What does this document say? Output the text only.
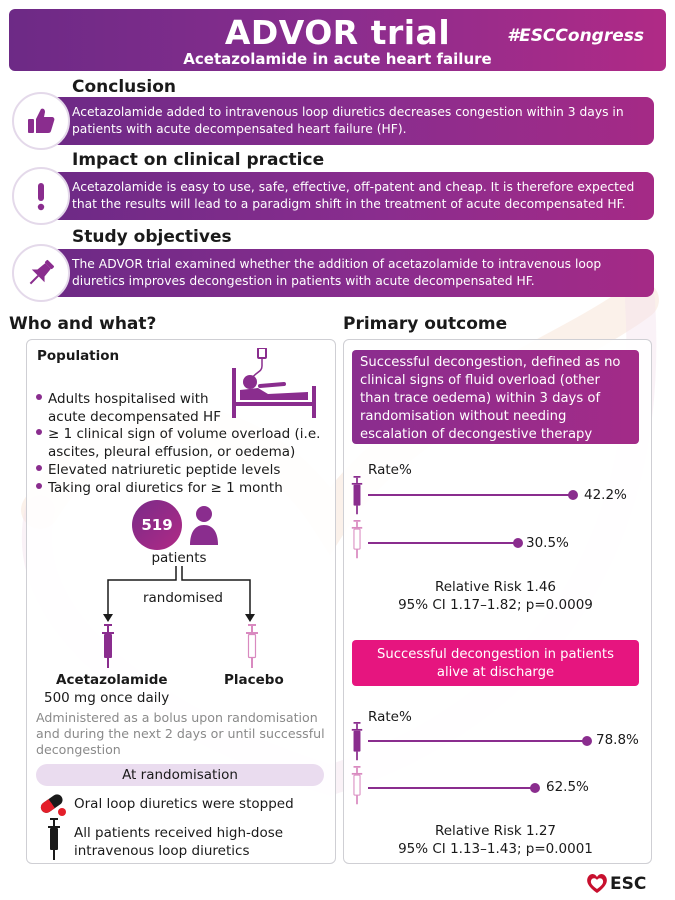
ADVOR trial
Acetazolamide in acute heart failure
#ESCCongress
Conclusion
Acetazolamide added to intravenous loop diuretics decreases congestion within 3 days in patients with acute decompensated heart failure (HF).
Impact on clinical practice
Acetazolamide is easy to use, safe, effective, off-patent and cheap. It is therefore expected that the results will lead to a paradigm shift in the treatment of acute decompensated HF.
Study objectives
The ADVOR trial examined whether the addition of acetazolamide to intravenous loop diuretics improves decongestion in patients with acute decompensated HF.
Who and what?	Primary outcome
Population
Adults hospitalised with
acute decompensated HF
≥ 1 clinical sign of volume overload (i.e.
ascites, pleural effusion, or oedema)
Elevated natriuretic peptide levels
Taking oral diuretics for ≥ 1 month
519
patients
randomised
Acetazolamide
500 mg once daily
Placebo
Administered as a bolus upon randomisation and during the next 2 days or until successful decongestion
At randomisation
Oral loop diuretics were stopped
All patients received high-dose
intravenous loop diuretics
Successful decongestion, defined as no clinical signs of fluid overload (other than trace oedema) within 3 days of randomisation without needing escalation of decongestive therapy
Rate%
42.2%
30.5%
Relative Risk 1.46
95% CI 1.17–1.82; p=0.0009
Successful decongestion in patients alive at discharge
Rate%
78.8%
62.5%
Relative Risk 1.27
95% CI 1.13–1.43; p=0.0001
ESC
